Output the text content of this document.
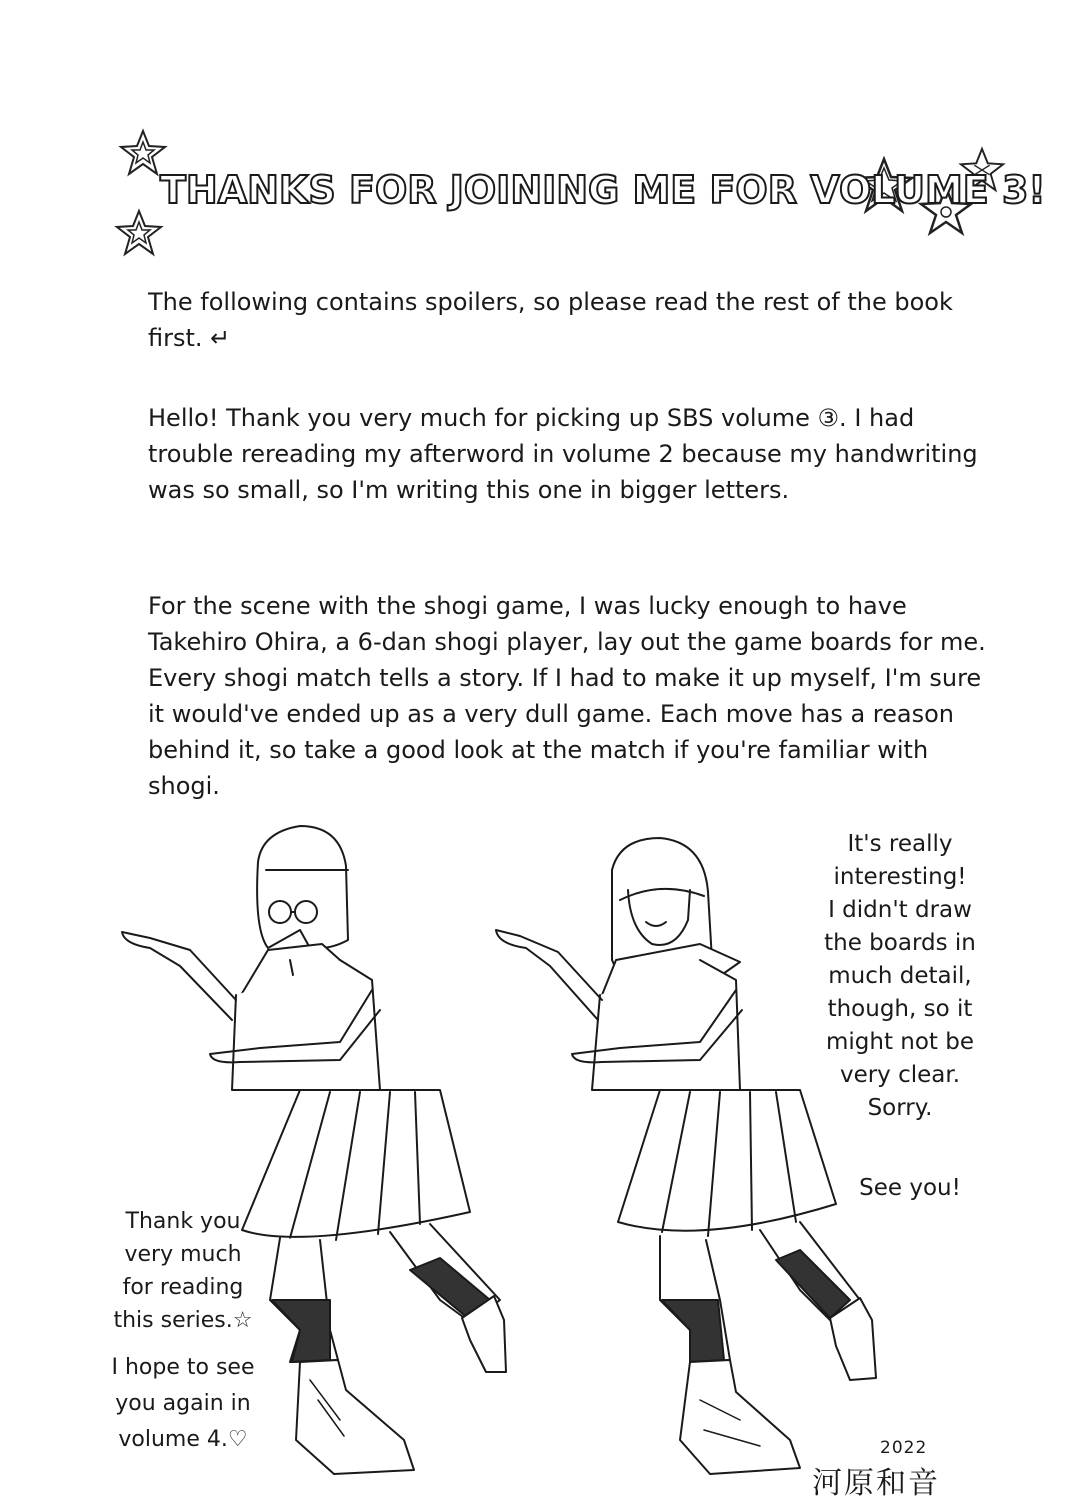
THANKS FOR JOINING ME FOR VOLUME 3!

The following contains spoilers, so please read the rest of the book first. ↵

Hello! Thank you very much for picking up SBS volume ③. I had trouble rereading my afterword in volume 2 because my handwriting was so small, so I'm writing this one in bigger letters.

For the scene with the shogi game, I was lucky enough to have Takehiro Ohira, a 6-dan shogi player, lay out the game boards for me. Every shogi match tells a story. If I had to make it up myself, I'm sure it would've ended up as a very dull game. Each move has a reason behind it, so take a good look at the match if you're familiar with shogi.

It's really
interesting!
I didn't draw
the boards in
much detail,
though, so it
might not be
very clear.
Sorry.
See you!
Thank you
very much
for reading
this series.☆
I hope to see
you again in
volume 4.♡	2022
河原和音
